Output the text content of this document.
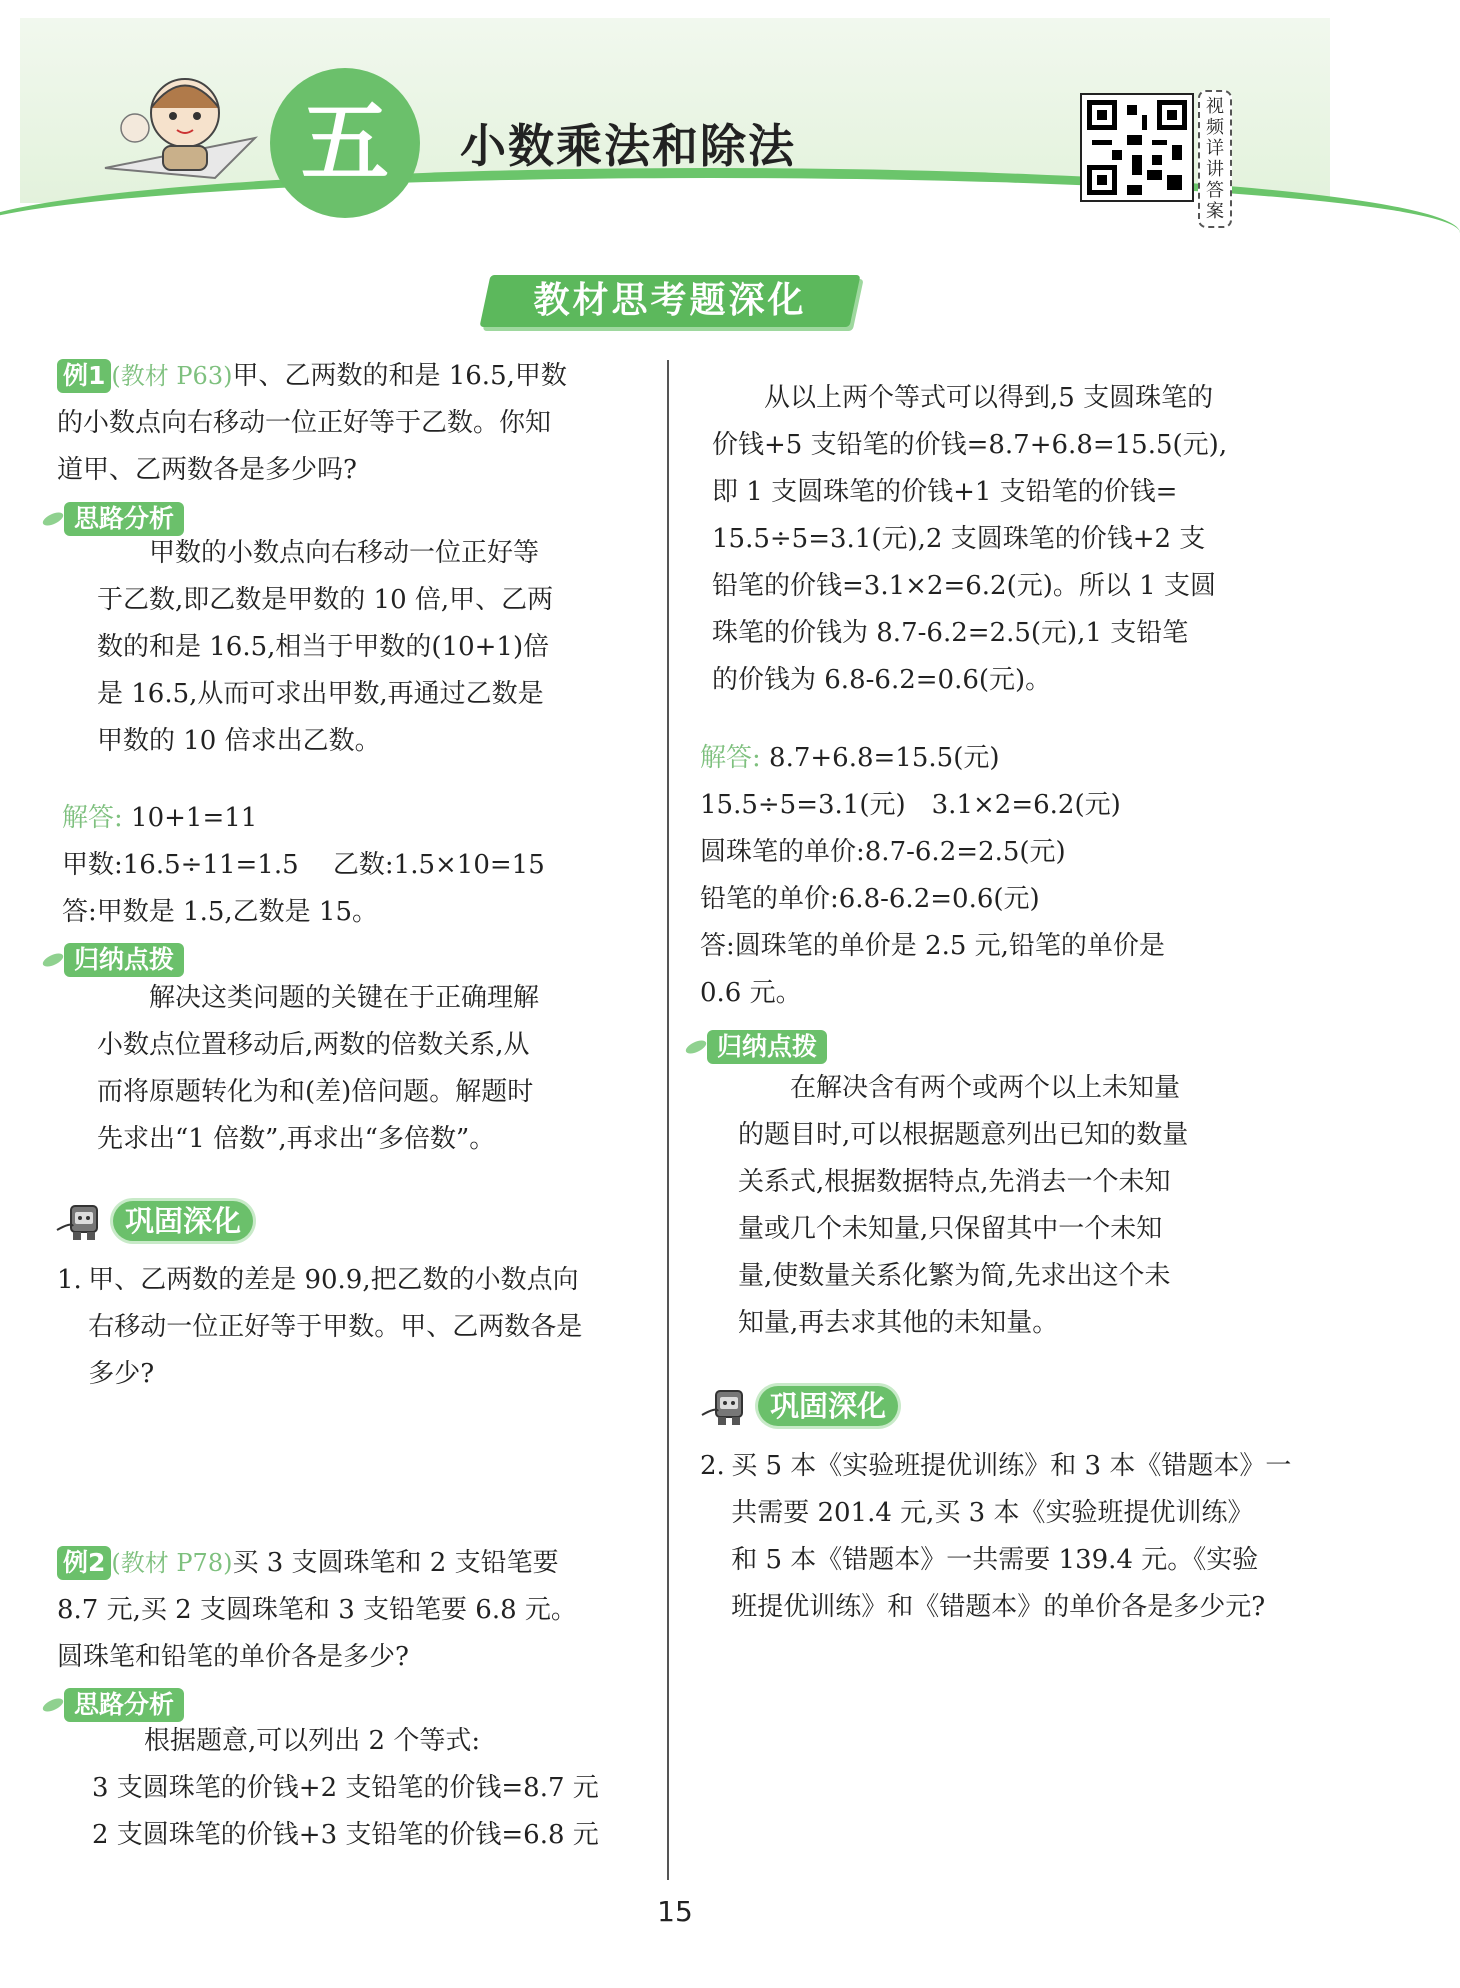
五	小数乘法和除法
视频详讲答案
教材思考题深化

例1 (教材 P63)甲、乙两数的和是 16.5,甲数
的小数点向右移动一位正好等于乙数。你知
道甲、乙两数各是多少吗?

思路分析

甲数的小数点向右移动一位正好等
于乙数,即乙数是甲数的 10 倍,甲、乙两
数的和是 16.5,相当于甲数的(10+1)倍
是 16.5,从而可求出甲数,再通过乙数是
甲数的 10 倍求出乙数。

解答: 10+1=11
甲数:16.5÷11=1.5　 乙数:1.5×10=15
答:甲数是 1.5,乙数是 15。

归纳点拨

解决这类问题的关键在于正确理解
小数点位置移动后,两数的倍数关系,从
而将原题转化为和(差)倍问题。解题时
先求出“1 倍数”,再求出“多倍数”。

巩固深化

1. 甲、乙两数的差是 90.9,把乙数的小数点向
右移动一位正好等于甲数。甲、乙两数各是
多少?

例2 (教材 P78)买 3 支圆珠笔和 2 支铅笔要
8.7 元,买 2 支圆珠笔和 3 支铅笔要 6.8 元。
圆珠笔和铅笔的单价各是多少?

思路分析

根据题意,可以列出 2 个等式:
3 支圆珠笔的价钱+2 支铅笔的价钱=8.7 元
2 支圆珠笔的价钱+3 支铅笔的价钱=6.8 元

从以上两个等式可以得到,5 支圆珠笔的
价钱+5 支铅笔的价钱=8.7+6.8=15.5(元),
即 1 支圆珠笔的价钱+1 支铅笔的价钱=
15.5÷5=3.1(元),2 支圆珠笔的价钱+2 支
铅笔的价钱=3.1×2=6.2(元)。所以 1 支圆
珠笔的价钱为 8.7-6.2=2.5(元),1 支铅笔
的价钱为 6.8-6.2=0.6(元)。

解答: 8.7+6.8=15.5(元)
15.5÷5=3.1(元)　3.1×2=6.2(元)
圆珠笔的单价:8.7-6.2=2.5(元)
铅笔的单价:6.8-6.2=0.6(元)
答:圆珠笔的单价是 2.5 元,铅笔的单价是
0.6 元。

归纳点拨

在解决含有两个或两个以上未知量
的题目时,可以根据题意列出已知的数量
关系式,根据数据特点,先消去一个未知
量或几个未知量,只保留其中一个未知
量,使数量关系化繁为简,先求出这个未
知量,再去求其他的未知量。

巩固深化

2. 买 5 本《实验班提优训练》和 3 本《错题本》一
共需要 201.4 元,买 3 本《实验班提优训练》
和 5 本《错题本》一共需要 139.4 元。《实验
班提优训练》和《错题本》的单价各是多少元?

15
